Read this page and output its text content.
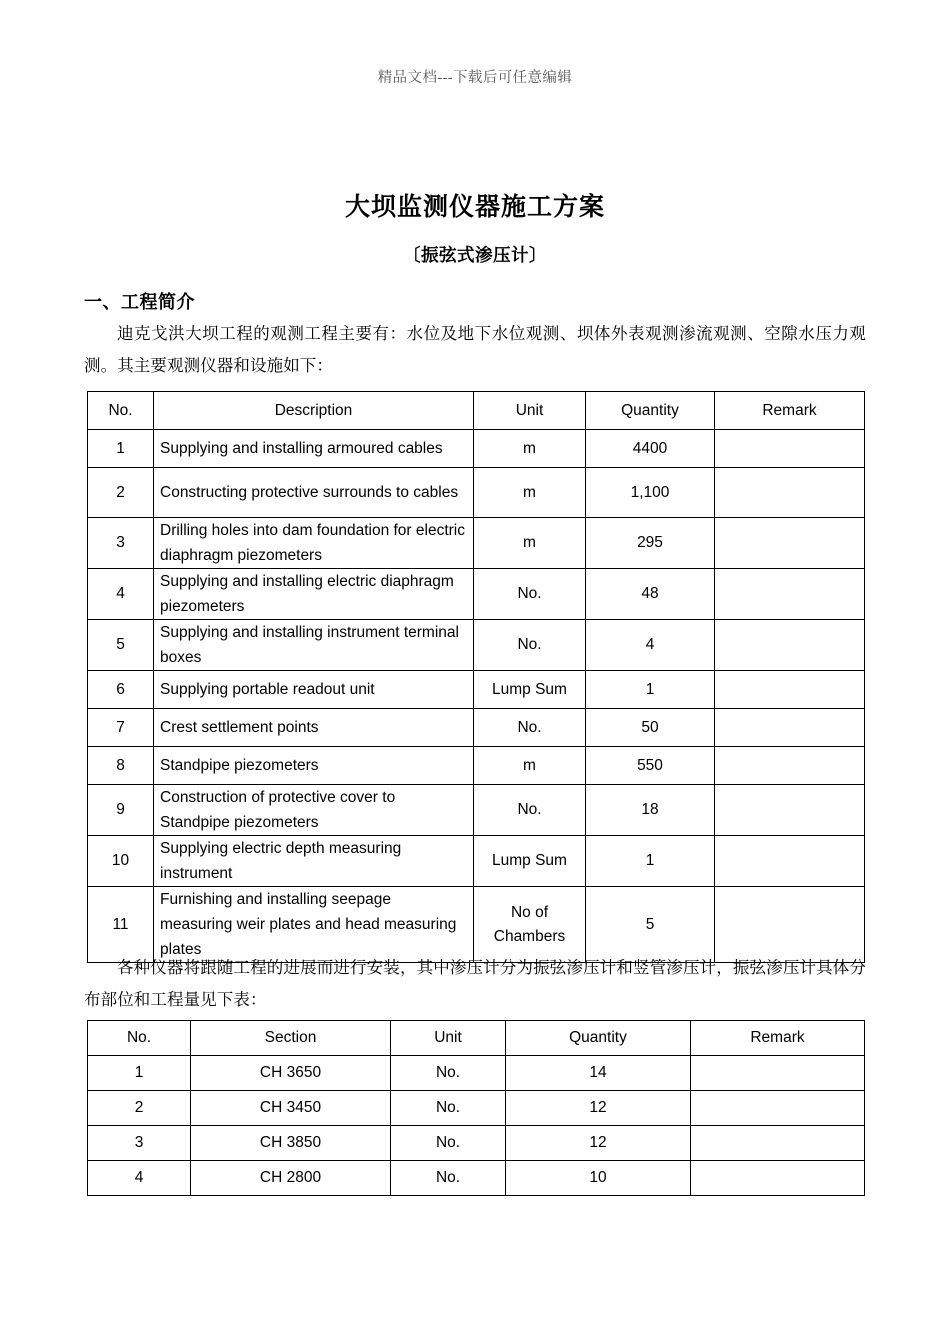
精品文档---下载后可任意编辑
大坝监测仪器施工方案
〔振弦式渗压计〕
一、工程简介
迪克戈洪大坝工程的观测工程主要有：水位及地下水位观测、坝体外表观测渗流观测、空隙水压力观测。其主要观测仪器和设施如下：
No.	Description	Unit	Quantity	Remark
1	Supplying and installing armoured cables	m	4400	
2	Constructing protective surrounds to cables	m	1,100	
3	Drilling holes into dam foundation for electric diaphragm piezometers	m	295	
4	Supplying and installing electric diaphragm piezometers	No.	48	
5	Supplying and installing instrument terminal boxes	No.	4	
6	Supplying portable readout unit	Lump Sum	1	
7	Crest settlement points	No.	50	
8	Standpipe piezometers	m	550	
9	Construction of protective cover to Standpipe piezometers	No.	18	
10	Supplying electric depth measuring instrument	Lump Sum	1	
11	Furnishing and installing seepage measuring weir plates and head measuring plates	No of Chambers	5	
各种仪器将跟随工程的进展而进行安装，其中渗压计分为振弦渗压计和竖管渗压计，振弦渗压计具体分布部位和工程量见下表：
No.	Section	Unit	Quantity	Remark
1	CH 3650	No.	14	
2	CH 3450	No.	12	
3	CH 3850	No.	12	
4	CH 2800	No.	10	
